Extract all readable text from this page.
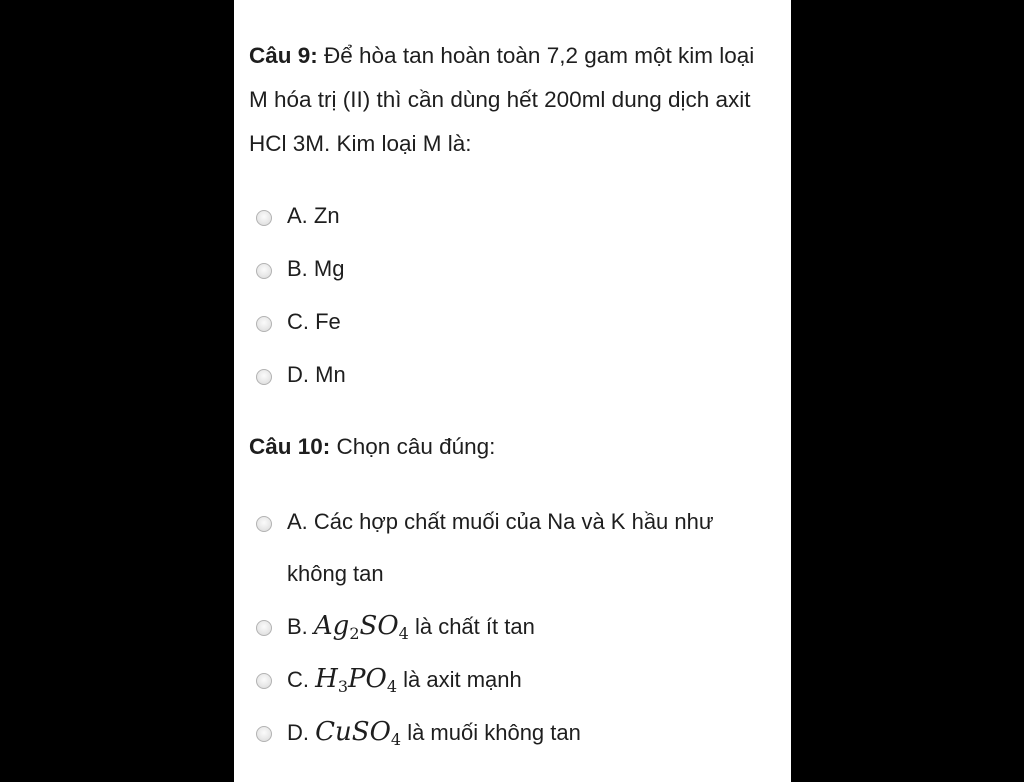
Câu 9: Để hòa tan hoàn toàn 7,2 gam một kim loại M hóa trị (II) thì cần dùng hết 200ml dung dịch axit HCl 3M. Kim loại M là:
A. Zn
B. Mg
C. Fe
D. Mn
Câu 10: Chọn câu đúng:
A. Các hợp chất muối của Na và K hầu như không tan
B. $Ag_2SO_4$ là chất ít tan
C. $H_3PO_4$ là axit mạnh
D. CuSO$_4$ là muối không tan
